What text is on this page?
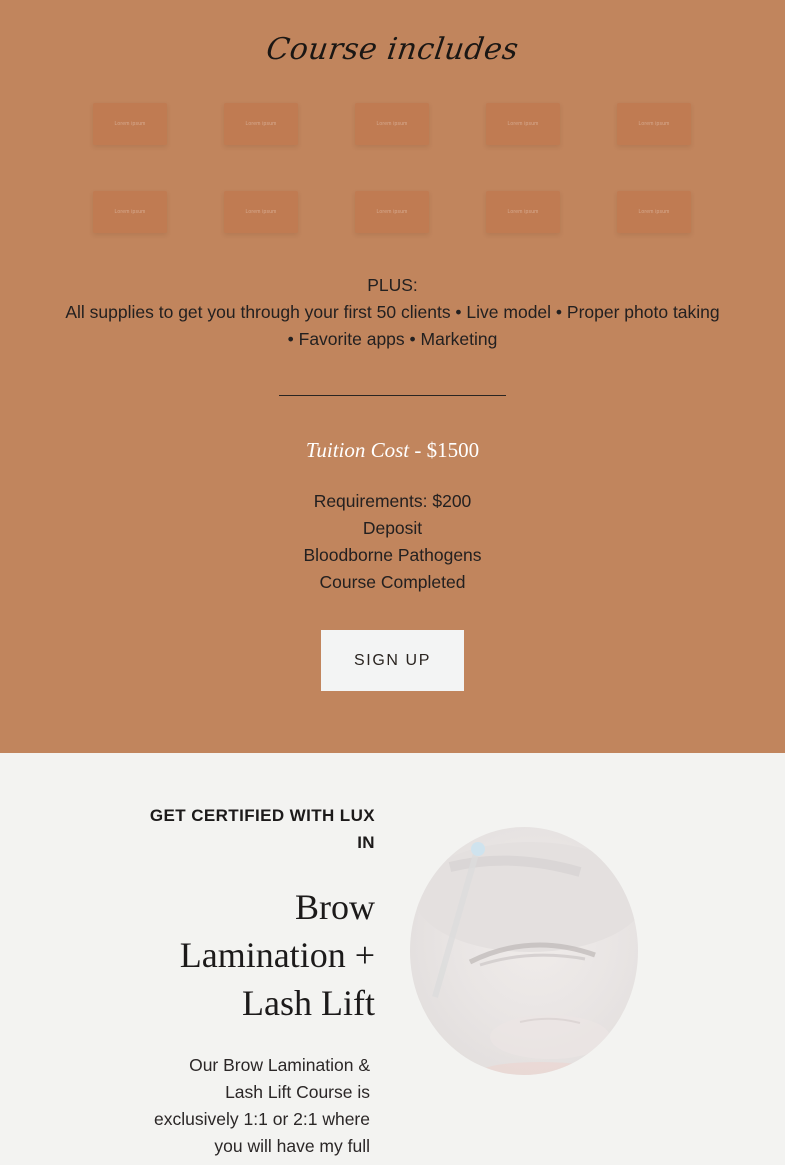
Course includes
Lorem ipsum	Lorem ipsum	Lorem ipsum	Lorem ipsum	Lorem ipsum
Lorem ipsum	Lorem ipsum	Lorem ipsum	Lorem ipsum	Lorem ipsum
PLUS:
All supplies to get you through your first 50 clients • Live model • Proper photo taking
• Favorite apps • Marketing
Tuition Cost - $1500
Requirements: $200
Deposit
Bloodborne Pathogens
Course Completed
SIGN UP
GET CERTIFIED WITH LUX IN
Brow
Lamination +
Lash Lift
Our Brow Lamination &
Lash Lift Course is
exclusively 1:1 or 2:1 where
you will have my full
